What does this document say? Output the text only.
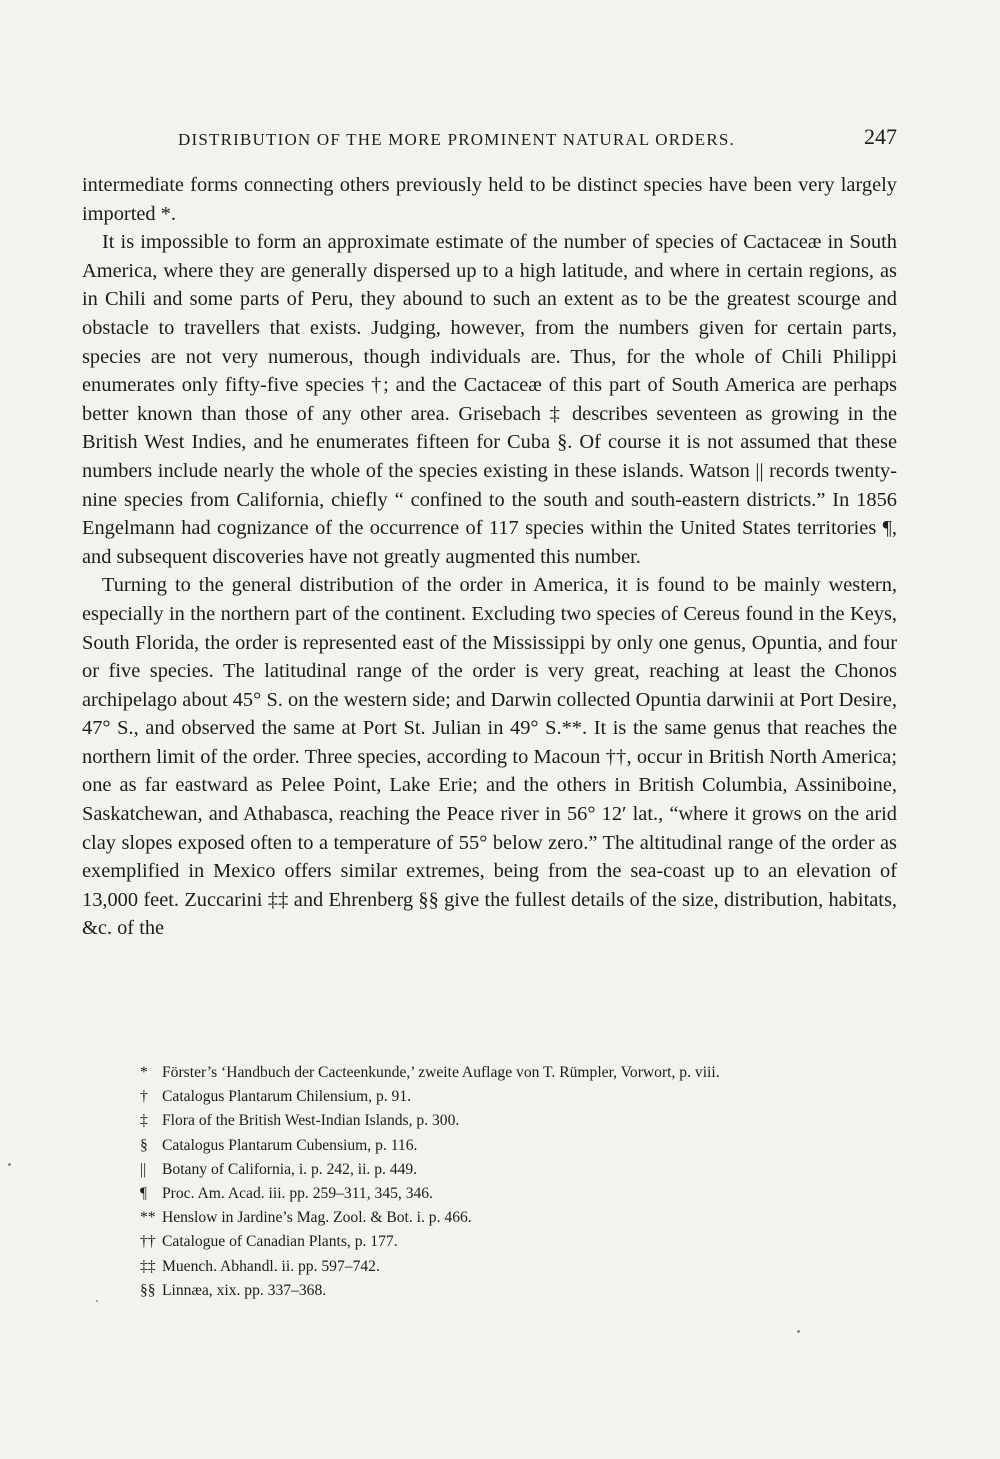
DISTRIBUTION OF THE MORE PROMINENT NATURAL ORDERS.	247

intermediate forms connecting others previously held to be distinct species have been very largely imported *.

It is impossible to form an approximate estimate of the number of species of Cactaceæ in South America, where they are generally dispersed up to a high latitude, and where in certain regions, as in Chili and some parts of Peru, they abound to such an extent as to be the greatest scourge and obstacle to travellers that exists. Judging, however, from the numbers given for certain parts, species are not very numerous, though individuals are. Thus, for the whole of Chili Philippi enumerates only fifty-five species †; and the Cactaceæ of this part of South America are perhaps better known than those of any other area. Grisebach ‡ describes seventeen as growing in the British West Indies, and he enumerates fifteen for Cuba §. Of course it is not assumed that these numbers include nearly the whole of the species existing in these islands. Watson || records twenty-nine species from California, chiefly “ confined to the south and south-eastern districts.” In 1856 Engelmann had cognizance of the occurrence of 117 species within the United States territories ¶, and subsequent discoveries have not greatly augmented this number.

Turning to the general distribution of the order in America, it is found to be mainly western, especially in the northern part of the continent. Excluding two species of Cereus found in the Keys, South Florida, the order is represented east of the Mississippi by only one genus, Opuntia, and four or five species. The latitudinal range of the order is very great, reaching at least the Chonos archipelago about 45° S. on the western side; and Darwin collected Opuntia darwinii at Port Desire, 47° S., and observed the same at Port St. Julian in 49° S.**. It is the same genus that reaches the northern limit of the order. Three species, according to Macoun ††, occur in British North America; one as far eastward as Pelee Point, Lake Erie; and the others in British Columbia, Assiniboine, Saskatchewan, and Athabasca, reaching the Peace river in 56° 12′ lat., “where it grows on the arid clay slopes exposed often to a temperature of 55° below zero.” The altitudinal range of the order as exemplified in Mexico offers similar extremes, being from the sea-coast up to an elevation of 13,000 feet. Zuccarini ‡‡ and Ehrenberg §§ give the fullest details of the size, distribution, habitats, &c. of the

* Förster’s ‘Handbuch der Cacteenkunde,’ zweite Auflage von T. Rümpler, Vorwort, p. viii.
† Catalogus Plantarum Chilensium, p. 91.
‡ Flora of the British West-Indian Islands, p. 300.
§ Catalogus Plantarum Cubensium, p. 116.
|| Botany of California, i. p. 242, ii. p. 449.
¶ Proc. Am. Acad. iii. pp. 259–311, 345, 346.
** Henslow in Jardine’s Mag. Zool. & Bot. i. p. 466.
†† Catalogue of Canadian Plants, p. 177.
‡‡ Muench. Abhandl. ii. pp. 597–742.
§§ Linnæa, xix. pp. 337–368.
